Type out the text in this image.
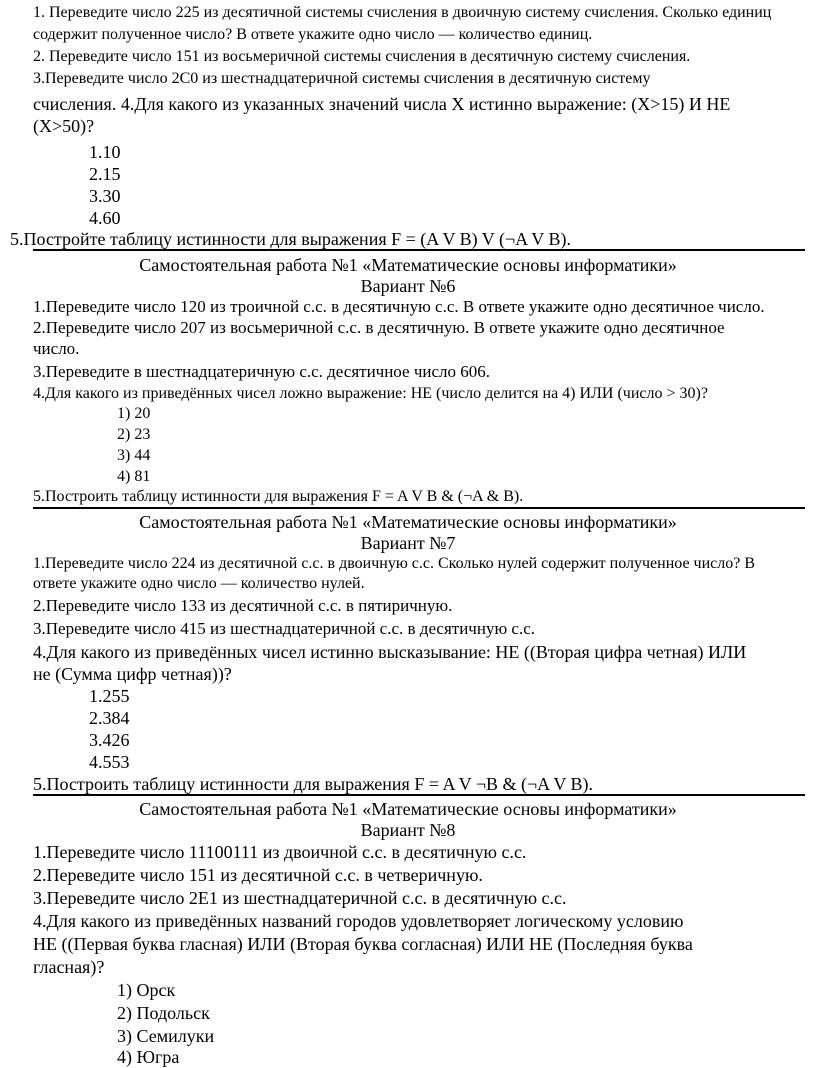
1. Переведите число 225 из десятичной системы счисления в двоичную систему счисления. Сколько единиц
содержит полученное число? В ответе укажите одно число — количество единиц.
2. Переведите число 151 из восьмеричной системы счисления в десятичную систему счисления.
3.Переведите число 2С0 из шестнадцатеричной системы счисления в десятичную систему
счисления. 4.Для какого из указанных значений числа X истинно выражение: (X>15) И НЕ
(X>50)?
1.10
2.15
3.30
4.60
5.Постройте таблицу истинности для выражения F = (A V B) V (¬A V B).
Самостоятельная работа №1 «Математические основы информатики»
Вариант №6
1.Переведите число 120 из троичной с.с. в десятичную с.с. В ответе укажите одно десятичное число.
2.Переведите число 207 из восьмеричной с.с. в десятичную. В ответе укажите одно десятичное
число.
3.Переведите в шестнадцатеричную с.с. десятичное число 606.
4.Для какого из приведённых чисел ложно выражение: НЕ (число делится на 4) ИЛИ (число > 30)?
1) 20
2) 23
3) 44
4) 81
5.Построить таблицу истинности для выражения F = A V B & (¬A & B).
Самостоятельная работа №1 «Математические основы информатики»
Вариант №7
1.Переведите число 224 из десятичной с.с. в двоичную с.с. Сколько нулей содержит полученное число? В
ответе укажите одно число — количество нулей.
2.Переведите число 133 из десятичной с.с. в пятиричную.
3.Переведите число 415 из шестнадцатеричной с.с. в десятичную с.с.
4.Для какого из приведённых чисел истинно высказывание: НЕ ((Вторая цифра четная) ИЛИ
не (Сумма цифр четная))?
1.255
2.384
3.426
4.553
5.Построить таблицу истинности для выражения F = A V ¬B & (¬A V B).
Самостоятельная работа №1 «Математические основы информатики»
Вариант №8
1.Переведите число 11100111 из двоичной с.с. в десятичную с.с.
2.Переведите число 151 из десятичной с.с. в четверичную.
3.Переведите число 2Е1 из шестнадцатеричной с.с. в десятичную с.с.
4.Для какого из приведённых названий городов удовлетворяет логическому условию
НЕ ((Первая буква гласная) ИЛИ (Вторая буква согласная) ИЛИ НЕ (Последняя буква
гласная)?
1) Орск
2) Подольск
3) Семилуки
4) Югра
